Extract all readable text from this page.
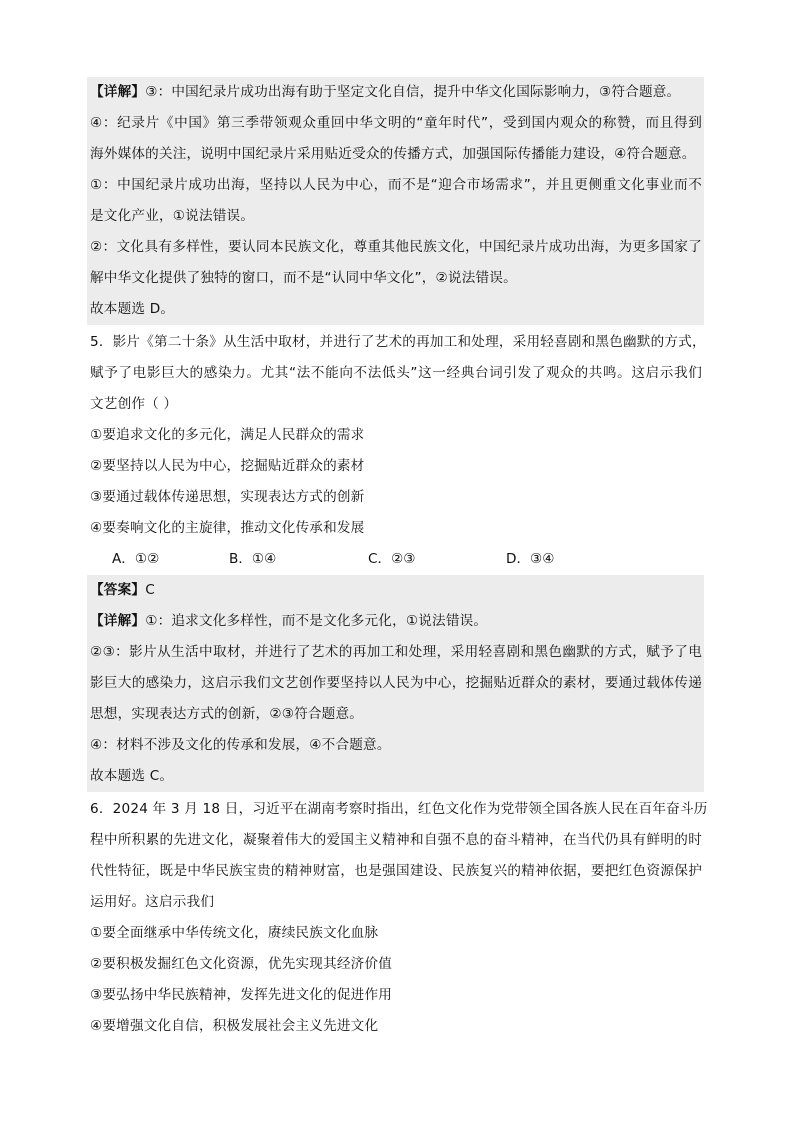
【详解】③：中国纪录片成功出海有助于坚定文化自信，提升中华文化国际影响力，③符合题意。
④：纪录片《中国》第三季带领观众重回中华文明的“童年时代”，受到国内观众的称赞，而且得到
海外媒体的关注，说明中国纪录片采用贴近受众的传播方式，加强国际传播能力建设，④符合题意。
①：中国纪录片成功出海，坚持以人民为中心，而不是“迎合市场需求”，并且更侧重文化事业而不
是文化产业，①说法错误。
②：文化具有多样性，要认同本民族文化，尊重其他民族文化，中国纪录片成功出海，为更多国家了
解中华文化提供了独特的窗口，而不是“认同中华文化”，②说法错误。
故本题选 D。
5．影片《第二十条》从生活中取材，并进行了艺术的再加工和处理，采用轻喜剧和黑色幽默的方式，
赋予了电影巨大的感染力。尤其“法不能向不法低头”这一经典台词引发了观众的共鸣。这启示我们
文艺创作（ ）
①要追求文化的多元化，满足人民群众的需求
②要坚持以人民为中心，挖掘贴近群众的素材
③要通过载体传递思想，实现表达方式的创新
④要奏响文化的主旋律，推动文化传承和发展
A．①②	B．①④	C．②③	D．③④
【答案】C
【详解】①：追求文化多样性，而不是文化多元化，①说法错误。
②③：影片从生活中取材，并进行了艺术的再加工和处理，采用轻喜剧和黑色幽默的方式，赋予了电
影巨大的感染力，这启示我们文艺创作要坚持以人民为中心，挖掘贴近群众的素材，要通过载体传递
思想，实现表达方式的创新，②③符合题意。
④：材料不涉及文化的传承和发展，④不合题意。
故本题选 C。
6．2024 年 3 月 18 日，习近平在湖南考察时指出，红色文化作为党带领全国各族人民在百年奋斗历
程中所积累的先进文化，凝聚着伟大的爱国主义精神和自强不息的奋斗精神，在当代仍具有鲜明的时
代性特征，既是中华民族宝贵的精神财富，也是强国建设、民族复兴的精神依据，要把红色资源保护
运用好。这启示我们
①要全面继承中华传统文化，赓续民族文化血脉
②要积极发掘红色文化资源，优先实现其经济价值
③要弘扬中华民族精神，发挥先进文化的促进作用
④要增强文化自信，积极发展社会主义先进文化
